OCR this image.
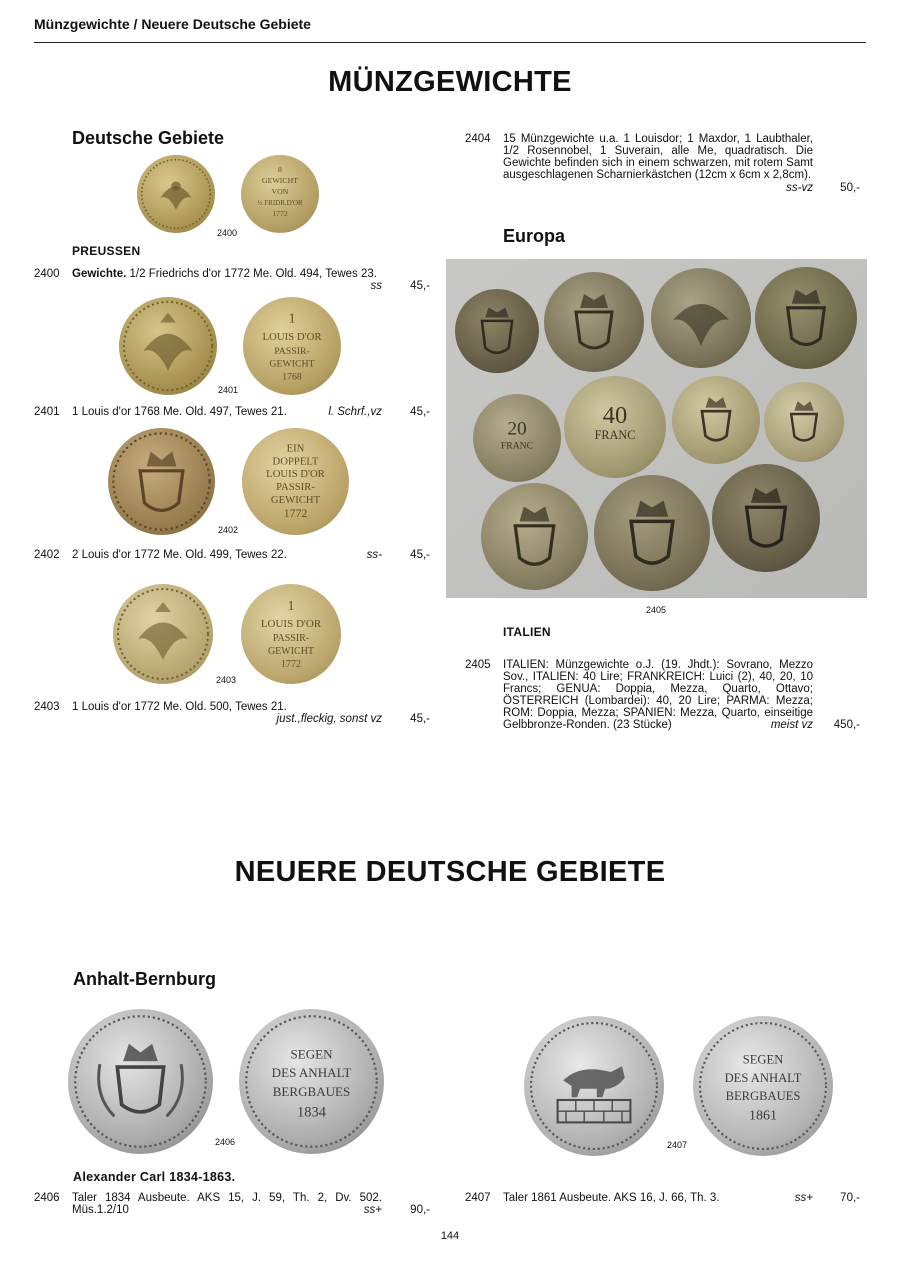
Münzgewichte / Neuere Deutsche Gebiete
MÜNZGEWICHTE
Deutsche Gebiete
8
GEWICHT
VON
½ FRIDR.D'OR
1772
2400
PREUSSEN
2400	Gewichte. 1/2 Friedrichs d'or 1772 Me. Old. 494, Tewes 23.
ss	45,-
1
LOUIS D'OR
PASSIR-
GEWICHT
1768
2401
2401	1 Louis d'or 1768 Me. Old. 497, Tewes 21.	l. Schrf.,vz	45,-
EIN
DOPPELT
LOUIS D'OR
PASSIR-
GEWICHT
1772
2402
2402	2 Louis d'or 1772 Me. Old. 499, Tewes 22.	ss-	45,-
1
LOUIS D'OR
PASSIR-
GEWICHT
1772
2403
2403	1 Louis d'or 1772 Me. Old. 500, Tewes 21.
just.,fleckig, sonst vz	45,-
2404	15 Münzgewichte u.a. 1 Louisdor; 1 Maxdor, 1 Laubthaler, 1/2 Rosennobel, 1 Suverain, alle Me, quadratisch. Die Gewichte befinden sich in einem schwarzen, mit rotem Samt ausgeschlagenen Scharnierkästchen (12cm x 6cm x 2,8cm).
ss-vz	50,-
Europa
20
FRANC
40
FRANC
2405
ITALIEN
2405	ITALIEN: Münzgewichte o.J. (19. Jhdt.): Sovrano, Mezzo Sov., ITALIEN: 40 Lire; FRANKREICH: Luici (2), 40, 20, 10 Francs; GENUA: Doppia, Mezza, Quarto, Ottavo; ÖSTERREICH (Lombardei): 40, 20 Lire; PARMA: Mezza; ROM: Doppia, Mezza; SPANIEN: Mezza, Quarto, einseitige Gelbbronze-Ronden. (23 Stücke)	meist vz	450,-
NEUERE DEUTSCHE GEBIETE
Anhalt-Bernburg
SEGEN
DES ANHALT
BERGBAUES
1834
2406
Alexander Carl 1834-1863.
2406	Taler 1834 Ausbeute. AKS 15, J. 59, Th. 2, Dv. 502. Müs.1.2/10	ss+	90,-
SEGEN
DES ANHALT
BERGBAUES
1861
2407
2407	Taler 1861 Ausbeute. AKS 16, J. 66, Th. 3.	ss+	70,-
144
